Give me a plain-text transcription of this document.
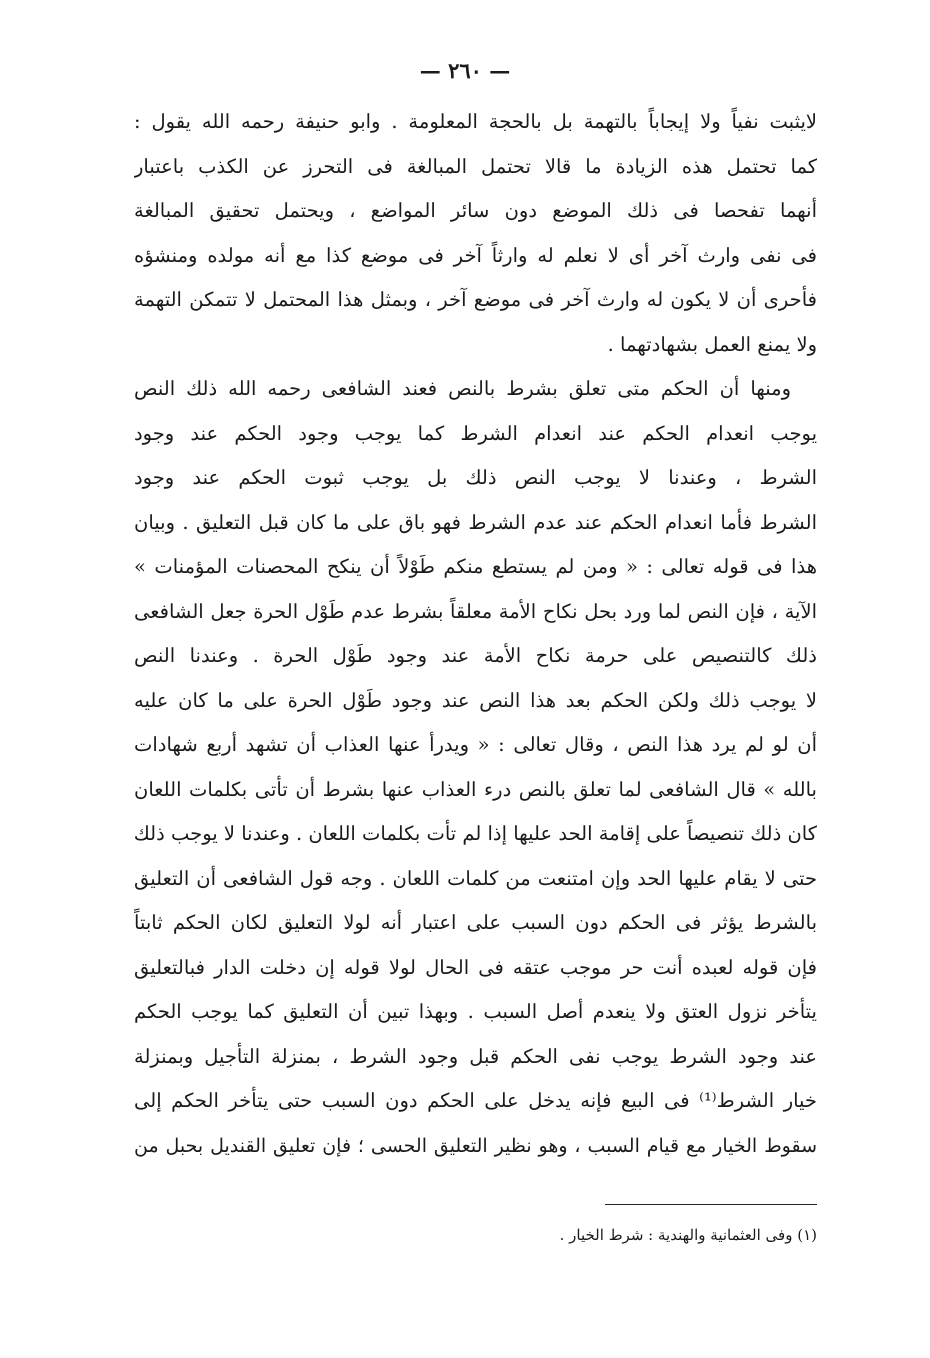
— ٢٦٠ —
لايثبت نفياً ولا إيجاباً بالتهمة بل بالحجة المعلومة . وابو حنيفة رحمه الله يقول :
كما تحتمل هذه الزيادة ما قالا تحتمل المبالغة فى التحرز عن الكذب باعتبار
أنهما تفحصا فى ذلك الموضع دون سائر المواضع ، ويحتمل تحقيق المبالغة
فى نفى وارث آخر أى لا نعلم له وارثاً آخر فى موضع كذا مع أنه مولده ومنشؤه
فأحرى أن لا يكون له وارث آخر فى موضع آخر ، وبمثل هذا المحتمل لا تتمكن التهمة
ولا يمنع العمل بشهادتهما .
ومنها أن الحكم متى تعلق بشرط بالنص فعند الشافعى رحمه الله ذلك النص
يوجب انعدام الحكم عند انعدام الشرط كما يوجب وجود الحكم عند وجود
الشرط ، وعندنا لا يوجب النص ذلك بل يوجب ثبوت الحكم عند وجود
الشرط فأما انعدام الحكم عند عدم الشرط فهو باق على ما كان قبل التعليق . وبيان
هذا فى قوله تعالى : « ومن لم يستطع منكم طَوْلاً أن ينكح المحصنات المؤمنات »
الآية ، فإن النص لما ورد بحل نكاح الأمة معلقاً بشرط عدم طَوْل الحرة جعل الشافعى
ذلك كالتنصيص على حرمة نكاح الأمة عند وجود طَوْل الحرة . وعندنا النص
لا يوجب ذلك ولكن الحكم بعد هذا النص عند وجود طَوْل الحرة على ما كان عليه
أن لو لم يرد هذا النص ، وقال تعالى : « ويدرأ عنها العذاب أن تشهد أربع شهادات
بالله » قال الشافعى لما تعلق بالنص درء العذاب عنها بشرط أن تأتى بكلمات اللعان
كان ذلك تنصيصاً على إقامة الحد عليها إذا لم تأت بكلمات اللعان . وعندنا لا يوجب ذلك
حتى لا يقام عليها الحد وإن امتنعت من كلمات اللعان . وجه قول الشافعى أن التعليق
بالشرط يؤثر فى الحكم دون السبب على اعتبار أنه لولا التعليق لكان الحكم ثابتاً
فإن قوله لعبده أنت حر موجب عتقه فى الحال لولا قوله إن دخلت الدار فبالتعليق
يتأخر نزول العتق ولا ينعدم أصل السبب . وبهذا تبين أن التعليق كما يوجب الحكم
عند وجود الشرط يوجب نفى الحكم قبل وجود الشرط ، بمنزلة التأجيل وبمنزلة
خيار الشرط⁽¹⁾ فى البيع فإنه يدخل على الحكم دون السبب حتى يتأخر الحكم إلى
سقوط الخيار مع قيام السبب ، وهو نظير التعليق الحسى ؛ فإن تعليق القنديل بحبل من
(١) وفى العثمانية والهندية : شرط الخيار .
